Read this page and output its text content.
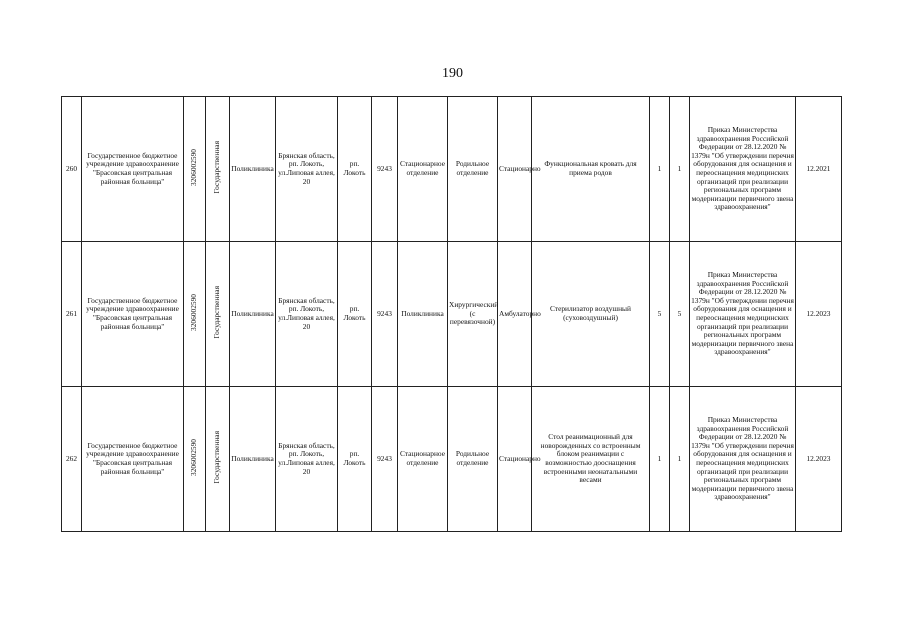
190
260	Государственное бюджетное учреждение здравоохранение "Брасовская центральная районная больница"	3206002590	Государственная	Поликлиника	Брянская область, рп. Локоть, ул.Липовая аллея, 20	рп. Локоть	9243	Стационарное отделение	Родильное отделение	Стационарно	Функциональная кровать для приема родов	1	1	Приказ Министерства здравоохранения Российской Федерации от 28.12.2020 № 1379н "Об утверждении перечня оборудования для оснащения и переоснащения медицинских организаций при реализации региональных программ модернизации первичного звена здравоохранения"	12.2021
261	Государственное бюджетное учреждение здравоохранение "Брасовская центральная районная больница"	3206002590	Государственная	Поликлиника	Брянская область, рп. Локоть, ул.Липовая аллея, 20	рп. Локоть	9243	Поликлиника	Хирургический (с перевязочной)	Амбулаторно	Стерилизатор воздушный (суховоздушный)	5	5	Приказ Министерства здравоохранения Российской Федерации от 28.12.2020 № 1379н "Об утверждении перечня оборудования для оснащения и переоснащения медицинских организаций при реализации региональных программ модернизации первичного звена здравоохранения"	12.2023
262	Государственное бюджетное учреждение здравоохранение "Брасовская центральная районная больница"	3206002590	Государственная	Поликлиника	Брянская область, рп. Локоть, ул.Липовая аллея, 20	рп. Локоть	9243	Стационарное отделение	Родильное отделение	Стационарно	Стол реанимационный для новорожденных со встроенным блоком реанимации с возможностью дооснащения встроенными неонатальными весами	1	1	Приказ Министерства здравоохранения Российской Федерации от 28.12.2020 № 1379н "Об утверждении перечня оборудования для оснащения и переоснащения медицинских организаций при реализации региональных программ модернизации первичного звена здравоохранения"	12.2023
